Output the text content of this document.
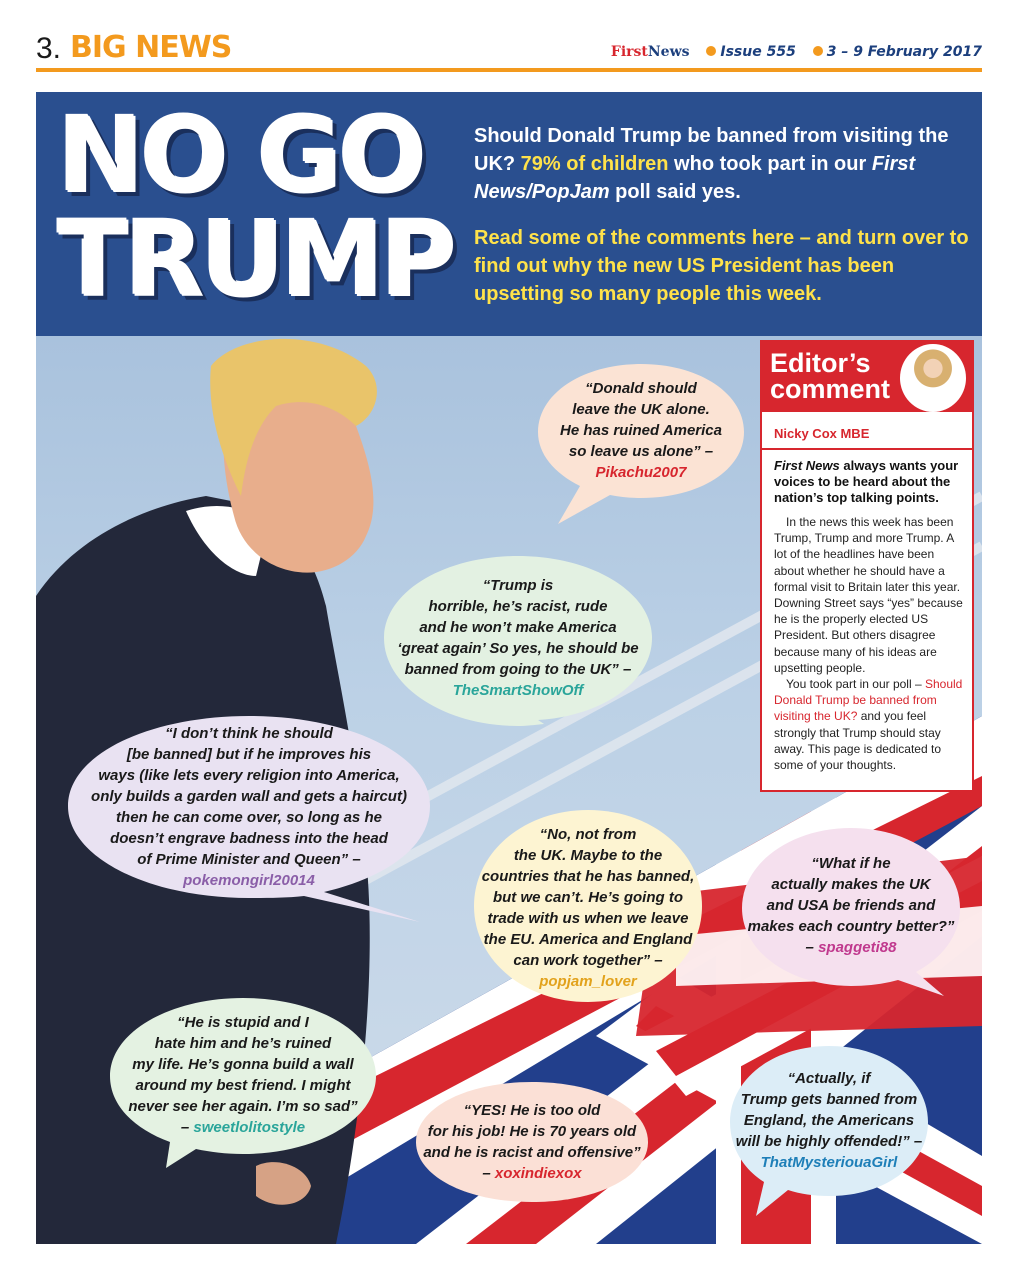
3. BIG NEWS	FirstNews Issue 555 3 – 9 February 2017
NO GO
TRUMP
Should Donald Trump be banned from visiting the UK? 79% of children who took part in our First News/PopJam poll said yes.
Read some of the comments here – and turn over to find out why the new US President has been upsetting so many people this week.
“Donald should
leave the UK alone.
He has ruined America
so leave us alone” –
Pikachu2007
“Trump is
horrible, he’s racist, rude
and he won’t make America
‘great again’ So yes, he should be
banned from going to the UK” –
TheSmartShowOff
“I don’t think he should
[be banned] but if he improves his
ways (like lets every religion into America,
only builds a garden wall and gets a haircut)
then he can come over, so long as he
doesn’t engrave badness into the head
of Prime Minister and Queen” –
pokemongirl20014
“No, not from
the UK. Maybe to the
countries that he has banned,
but we can’t. He’s going to
trade with us when we leave
the EU. America and England
can work together” –
popjam_lover
“What if he
actually makes the UK
and USA be friends and
makes each country better?”
– spaggeti88
“He is stupid and I
hate him and he’s ruined
my life. He’s gonna build a wall
around my best friend. I might
never see her again. I’m so sad”
– sweetlolitostyle
“YES! He is too old
for his job! He is 70 years old
and he is racist and offensive”
– xoxindiexox
“Actually, if
Trump gets banned from
England, the Americans
will be highly offended!” –
ThatMysteriouaGirl
Editor’s
comment
Nicky Cox MBE
First News always wants your voices to be heard about the nation’s top talking points.

In the news this week has been Trump, Trump and more Trump. A lot of the headlines have been about whether he should have a formal visit to Britain later this year. Downing Street says “yes” because he is the properly elected US President. But others disagree because many of his ideas are upsetting people.

You took part in our poll – Should Donald Trump be banned from visiting the UK? and you feel strongly that Trump should stay away. This page is dedicated to some of your thoughts.
